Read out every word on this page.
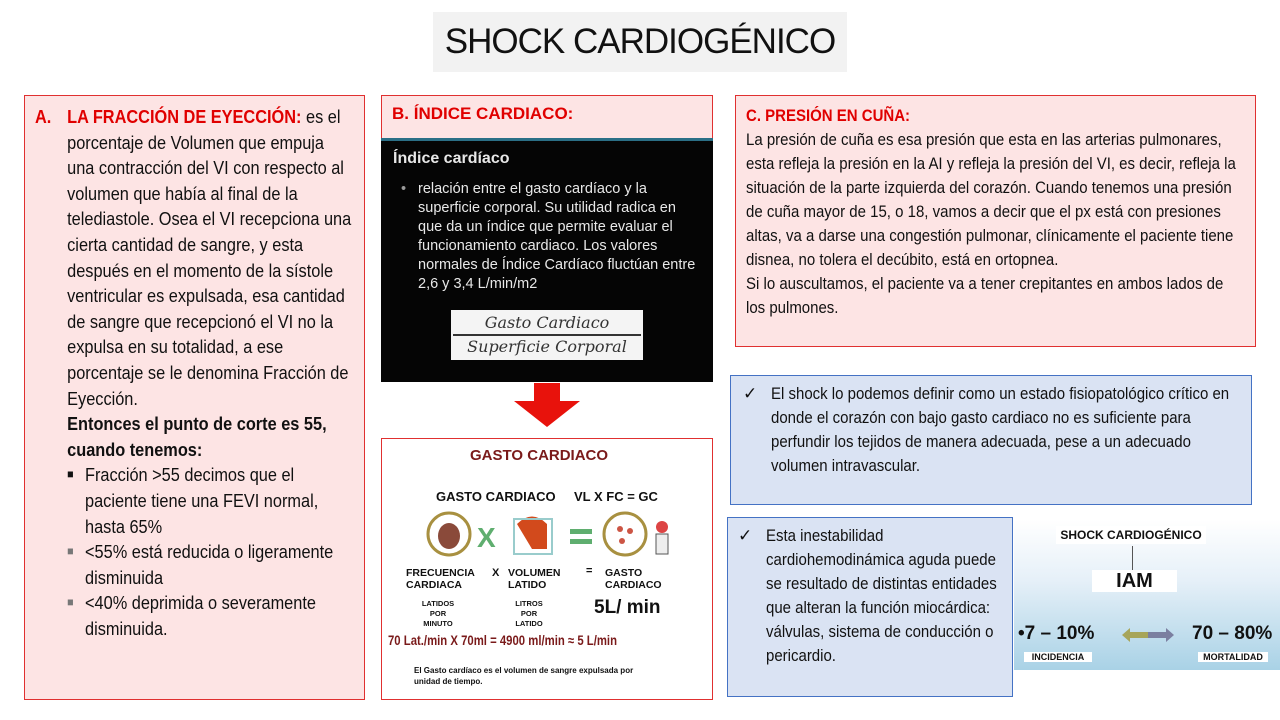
SHOCK CARDIOGÉNICO
A. LA FRACCIÓN DE EYECCIÓN: es el porcentaje de Volumen que empuja una contracción del VI con respecto al volumen que había al final de la telediastole. Osea el VI recepciona una cierta cantidad de sangre, y esta después en el momento de la sístole ventricular es expulsada, esa cantidad de sangre que recepcionó el VI no la expulsa en su totalidad, a ese porcentaje se le denomina Fracción de Eyección.
Entonces el punto de corte es 55, cuando tenemos:
■ Fracción >55 decimos que el paciente tiene una FEVI normal, hasta 65%
■ <55% está reducida o ligeramente disminuida
■ <40% deprimida o severamente disminuida.
B. ÍNDICE CARDIACO:
Índice cardíaco
• relación entre el gasto cardíaco y la superficie corporal. Su utilidad radica en que da un índice que permite evaluar el funcionamiento cardiaco. Los valores normales de Índice Cardíaco fluctúan entre 2,6 y 3,4 L/min/m2
Gasto Cardiaco
Superficie Corporal
GASTO CARDIACO
GASTO CARDIACO VL X FC = GC
X
FRECUENCIA CARDIACA
X VOLUMEN LATIDO
= GASTO CARDIACO
LATIDOS POR MINUTO
LITROS POR LATIDO
5L/ min
70 Lat./min X 70ml = 4900 ml/min ≈ 5 L/min
El Gasto cardíaco es el volumen de sangre expulsada por unidad de tiempo.
C. PRESIÓN EN CUÑA:
La presión de cuña es esa presión que esta en las arterias pulmonares, esta refleja la presión en la AI y refleja la presión del VI, es decir, refleja la situación de la parte izquierda del corazón. Cuando tenemos una presión de cuña mayor de 15, o 18, vamos a decir que el px está con presiones altas, va a darse una congestión pulmonar, clínicamente el paciente tiene disnea, no tolera el decúbito, está en ortopnea.
Si lo auscultamos, el paciente va a tener crepitantes en ambos lados de los pulmones.
✓ El shock lo podemos definir como un estado fisiopatológico crítico en donde el corazón con bajo gasto cardiaco no es suficiente para perfundir los tejidos de manera adecuada, pese a un adecuado volumen intravascular.
✓ Esta inestabilidad cardiohemodinámica aguda puede se resultado de distintas entidades que alteran la función miocárdica: válvulas, sistema de conducción o pericardio.
SHOCK CARDIOGÉNICO
IAM
•7 – 10%	70 – 80%
INCIDENCIA	MORTALIDAD
